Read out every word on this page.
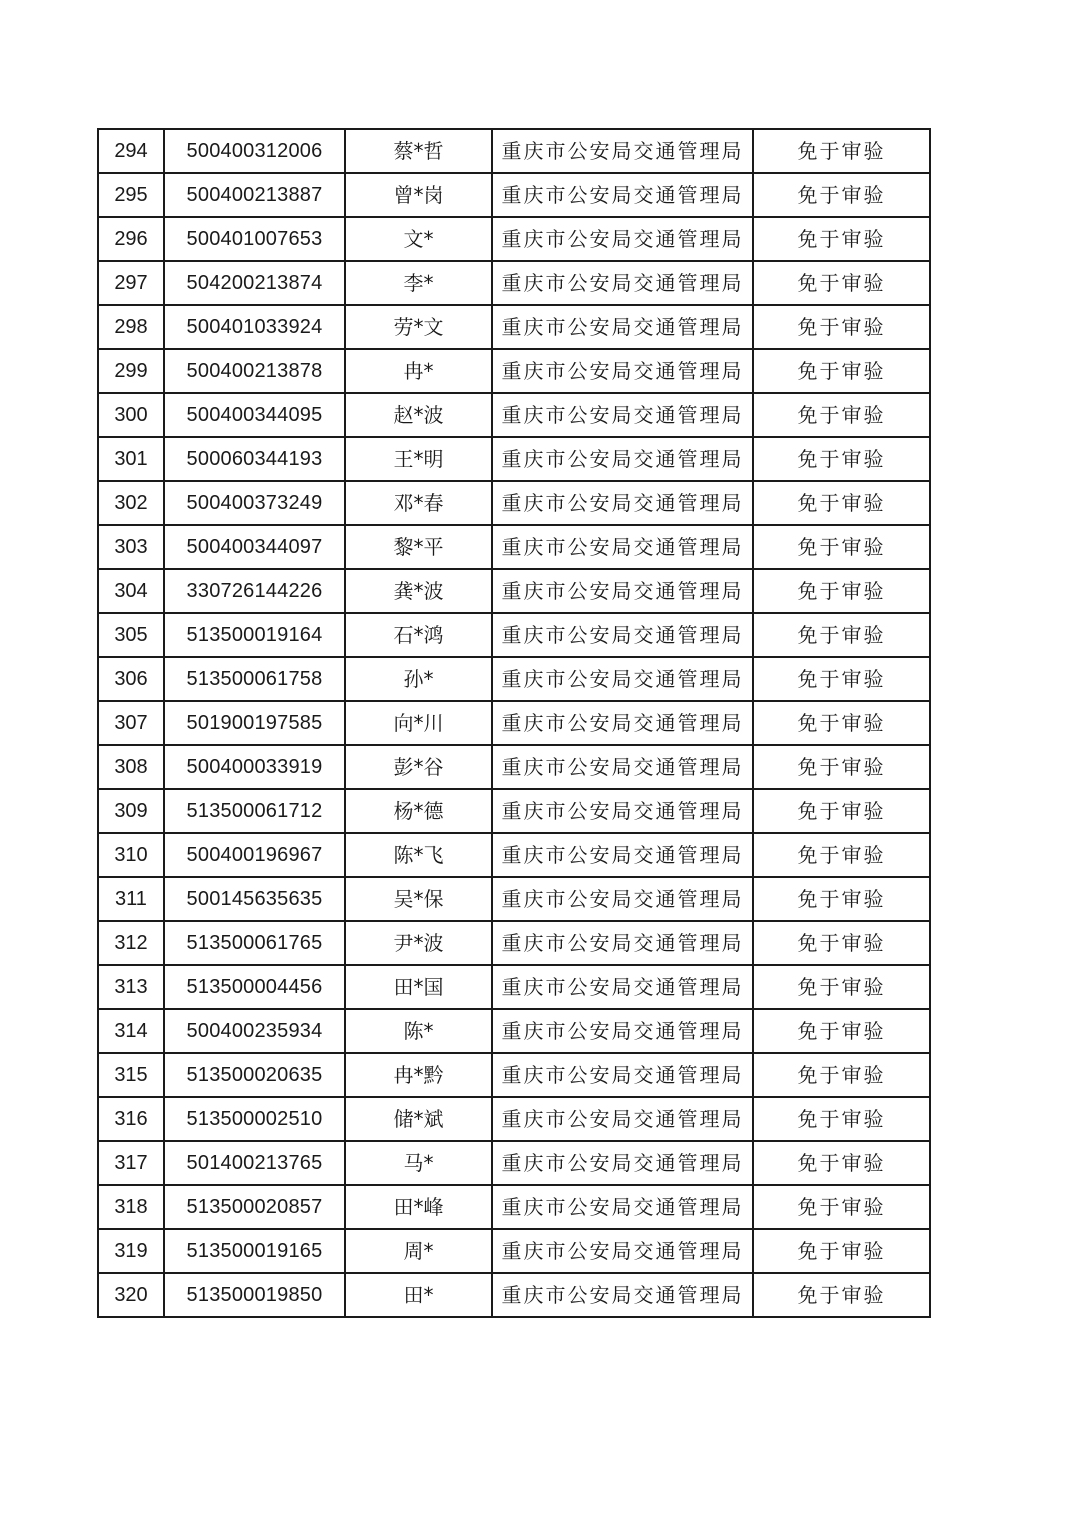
294	500400312006	蔡*哲	重庆市公安局交通管理局	免于审验
295	500400213887	曾*岗	重庆市公安局交通管理局	免于审验
296	500401007653	文*	重庆市公安局交通管理局	免于审验
297	504200213874	李*	重庆市公安局交通管理局	免于审验
298	500401033924	劳*文	重庆市公安局交通管理局	免于审验
299	500400213878	冉*	重庆市公安局交通管理局	免于审验
300	500400344095	赵*波	重庆市公安局交通管理局	免于审验
301	500060344193	王*明	重庆市公安局交通管理局	免于审验
302	500400373249	邓*春	重庆市公安局交通管理局	免于审验
303	500400344097	黎*平	重庆市公安局交通管理局	免于审验
304	330726144226	龚*波	重庆市公安局交通管理局	免于审验
305	513500019164	石*鸿	重庆市公安局交通管理局	免于审验
306	513500061758	孙*	重庆市公安局交通管理局	免于审验
307	501900197585	向*川	重庆市公安局交通管理局	免于审验
308	500400033919	彭*谷	重庆市公安局交通管理局	免于审验
309	513500061712	杨*德	重庆市公安局交通管理局	免于审验
310	500400196967	陈*飞	重庆市公安局交通管理局	免于审验
311	500145635635	吴*保	重庆市公安局交通管理局	免于审验
312	513500061765	尹*波	重庆市公安局交通管理局	免于审验
313	513500004456	田*国	重庆市公安局交通管理局	免于审验
314	500400235934	陈*	重庆市公安局交通管理局	免于审验
315	513500020635	冉*黔	重庆市公安局交通管理局	免于审验
316	513500002510	储*斌	重庆市公安局交通管理局	免于审验
317	501400213765	马*	重庆市公安局交通管理局	免于审验
318	513500020857	田*峰	重庆市公安局交通管理局	免于审验
319	513500019165	周*	重庆市公安局交通管理局	免于审验
320	513500019850	田*	重庆市公安局交通管理局	免于审验
